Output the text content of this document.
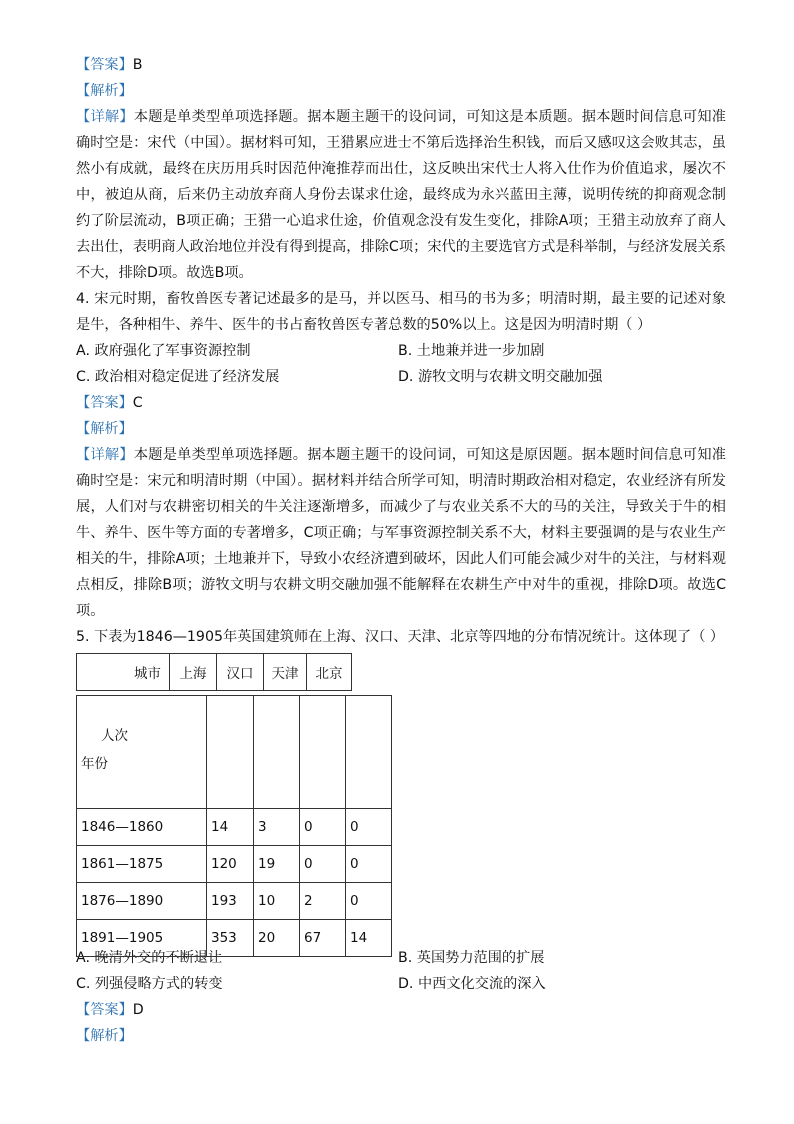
【答案】B
【解析】
【详解】本题是单类型单项选择题。据本题主题干的设问词，可知这是本质题。据本题时间信息可知准确时空是：宋代（中国）。据材料可知，王猎累应进士不第后选择治生积钱，而后又感叹这会败其志，虽然小有成就，最终在庆历用兵时因范仲淹推荐而出仕，这反映出宋代士人将入仕作为价值追求，屡次不中，被迫从商，后来仍主动放弃商人身份去谋求仕途，最终成为永兴蓝田主薄，说明传统的抑商观念制约了阶层流动，B项正确；王猎一心追求仕途，价值观念没有发生变化，排除A项；王猎主动放弃了商人去出仕，表明商人政治地位并没有得到提高，排除C项；宋代的主要选官方式是科举制，与经济发展关系不大，排除D项。故选B项。
4. 宋元时期，畜牧兽医专著记述最多的是马，并以医马、相马的书为多；明清时期，最主要的记述对象是牛，各种相牛、养牛、医牛的书占畜牧兽医专著总数的50%以上。这是因为明清时期（ ）
A. 政府强化了军事资源控制	B. 土地兼并进一步加剧
C. 政治相对稳定促进了经济发展	D. 游牧文明与农耕文明交融加强
【答案】C
【解析】
【详解】本题是单类型单项选择题。据本题主题干的设问词，可知这是原因题。据本题时间信息可知准确时空是：宋元和明清时期（中国）。据材料并结合所学可知，明清时期政治相对稳定，农业经济有所发展，人们对与农耕密切相关的牛关注逐渐增多，而减少了与农业关系不大的马的关注，导致关于牛的相牛、养牛、医牛等方面的专著增多，C项正确；与军事资源控制关系不大，材料主要强调的是与农业生产相关的牛，排除A项；土地兼并下，导致小农经济遭到破坏，因此人们可能会减少对牛的关注，与材料观点相反，排除B项；游牧文明与农耕文明交融加强不能解释在农耕生产中对牛的重视，排除D项。故选C项。
5. 下表为1846—1905年英国建筑师在上海、汉口、天津、北京等四地的分布情况统计。这体现了（ ）
城市	上海	汉口	天津	北京
人次
年份				

1846—1860	14	3	0	0
1861—1875	120	19	0	0
1876—1890	193	10	2	0
1891—1905	353	20	67	14
A. 晚清外交的不断退让	B. 英国势力范围的扩展
C. 列强侵略方式的转变	D. 中西文化交流的深入
【答案】D
【解析】
